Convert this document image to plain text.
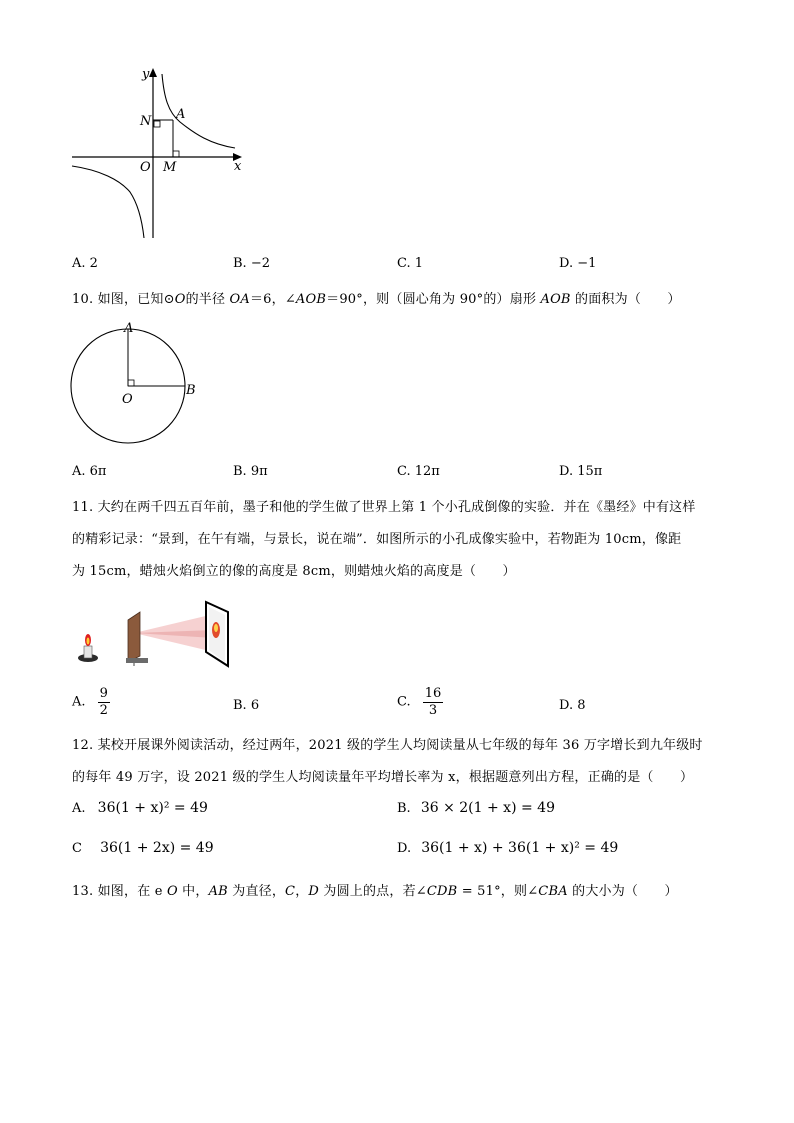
y
x
N A
O M
A. 2	B. −2	C. 1	D. −1
10. 如图，已知⊙O的半径 OA＝6，∠AOB＝90°，则（圆心角为 90°的）扇形 AOB 的面积为（　　）
A
O
B
A. 6π	B. 9π	C. 12π	D. 15π
11. 大约在两千四五百年前，墨子和他的学生做了世界上第 1 个小孔成倒像的实验．并在《墨经》中有这样
的精彩记录：“景到，在午有端，与景长，说在端”．如图所示的小孔成像实验中，若物距为 10cm，像距
为 15cm，蜡烛火焰倒立的像的高度是 8cm，则蜡烛火焰的高度是（　　）
A. $\frac{9}{2}$	B. 6	C. $\frac{16}{3}$	D. 8
12. 某校开展课外阅读活动，经过两年，2021 级的学生人均阅读量从七年级的每年 36 万字增长到九年级时
的每年 49 万字，设 2021 级的学生人均阅读量年平均增长率为 x，根据题意列出方程，正确的是（　　）
A. 36(1 + x)² = 49	B. 36 × 2(1 + x) = 49
C 36(1 + 2x) = 49	D. 36(1 + x) + 36(1 + x)² = 49
13. 如图，在 e O 中，AB 为直径，C，D 为圆上的点，若∠CDB = 51°，则∠CBA 的大小为（　　）
